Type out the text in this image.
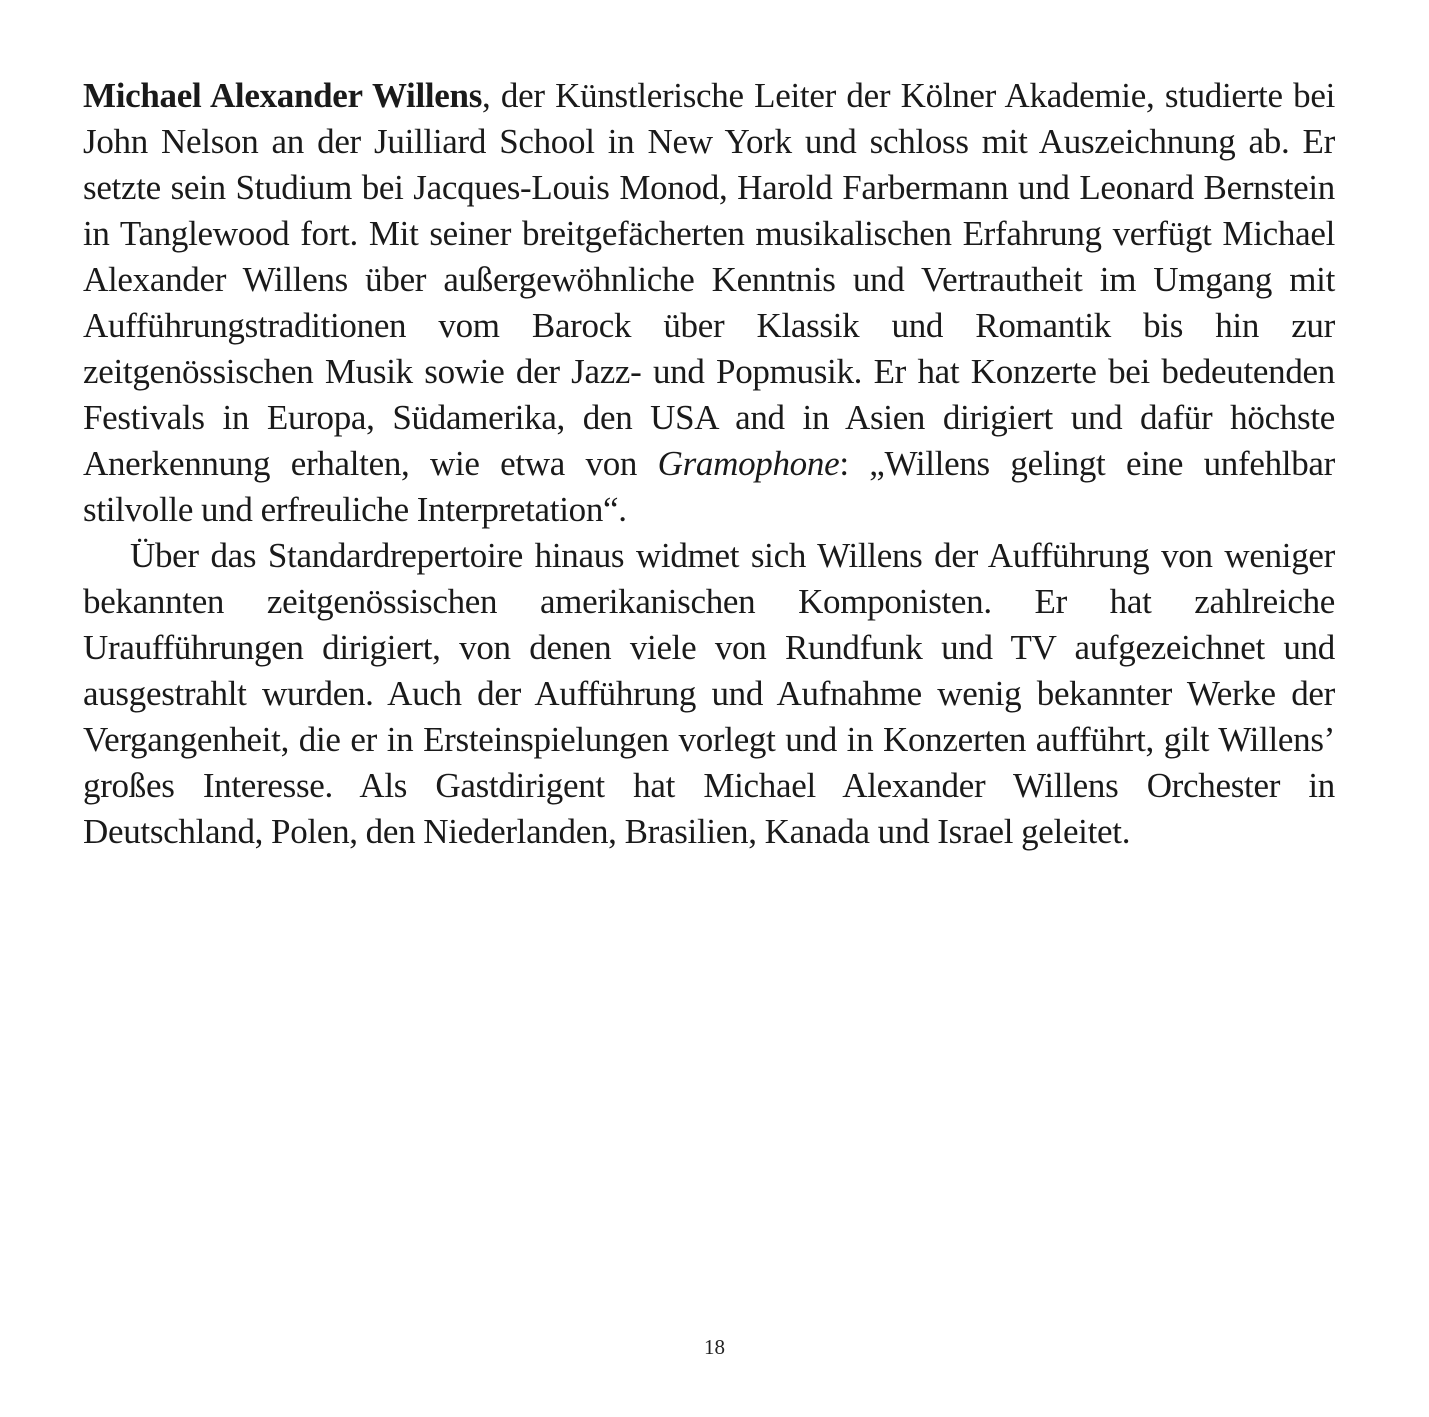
Michael Alexander Willens, der Künstlerische Leiter der Kölner Akademie, studierte bei John Nelson an der Juilliard School in New York und schloss mit Auszeichnung ab. Er setzte sein Studium bei Jacques-Louis Monod, Harold Farbermann und Leonard Bernstein in Tanglewood fort. Mit seiner breitgefächerten musikalischen Erfahrung verfügt Michael Alexander Willens über außergewöhnliche Kenntnis und Vertrautheit im Umgang mit Aufführungstraditionen vom Barock über Klassik und Romantik bis hin zur zeitgenössischen Musik sowie der Jazz- und Popmusik. Er hat Konzerte bei bedeutenden Festivals in Europa, Südamerika, den USA and in Asien dirigiert und dafür höchste Anerkennung erhalten, wie etwa von Gramophone: „Willens gelingt eine unfehlbar stilvolle und erfreuliche Interpretation“.

Über das Standardrepertoire hinaus widmet sich Willens der Aufführung von weniger bekannten zeitgenössischen amerikanischen Komponisten. Er hat zahlreiche Uraufführungen dirigiert, von denen viele von Rundfunk und TV aufgezeichnet und ausgestrahlt wurden. Auch der Aufführung und Aufnahme wenig bekannter Werke der Vergangenheit, die er in Ersteinspielungen vorlegt und in Konzerten aufführt, gilt Willens’ großes Interesse. Als Gastdirigent hat Michael Alexander Willens Orchester in Deutschland, Polen, den Niederlanden, Brasilien, Kanada und Israel geleitet.

18
